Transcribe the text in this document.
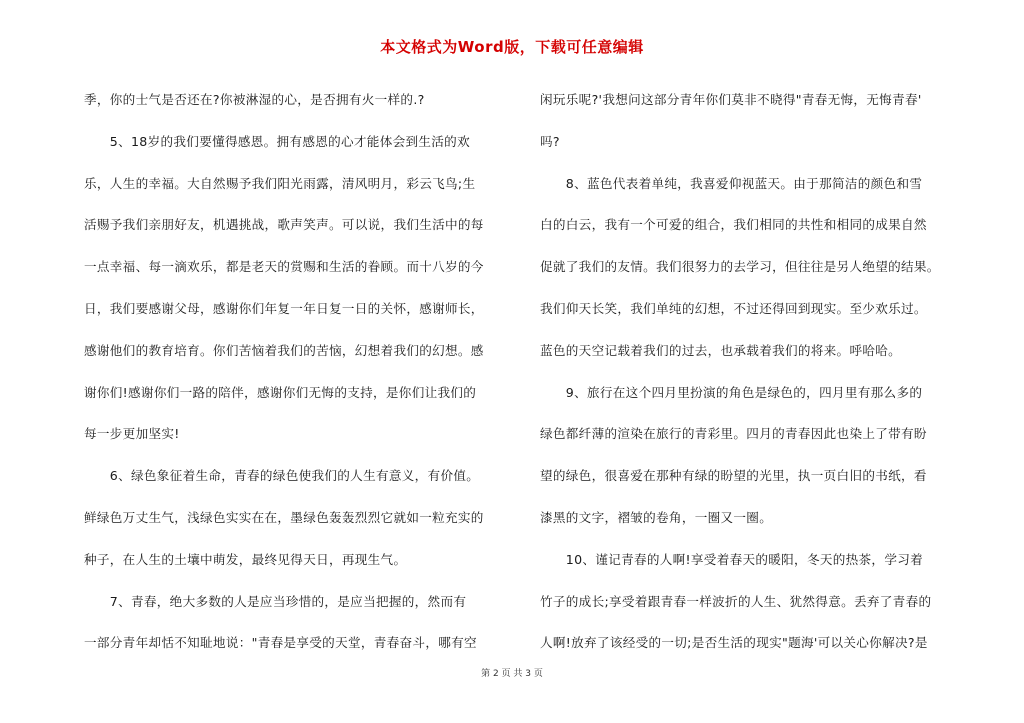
本文格式为Word版，下载可任意编辑
季，你的士气是否还在?你被淋湿的心，是否拥有火一样的.?
　　5、18岁的我们要懂得感恩。拥有感恩的心才能体会到生活的欢
乐，人生的幸福。大自然赐予我们阳光雨露，清风明月，彩云飞鸟;生
活赐予我们亲朋好友，机遇挑战，歌声笑声。可以说，我们生活中的每
一点幸福、每一滴欢乐，都是老天的赏赐和生活的眷顾。而十八岁的今
日，我们要感谢父母，感谢你们年复一年日复一日的关怀，感谢师长，
感谢他们的教育培育。你们苦恼着我们的苦恼，幻想着我们的幻想。感
谢你们!感谢你们一路的陪伴，感谢你们无悔的支持，是你们让我们的
每一步更加坚实!
　　6、绿色象征着生命，青春的绿色使我们的人生有意义，有价值。
鲜绿色万丈生气，浅绿色实实在在，墨绿色轰轰烈烈它就如一粒充实的
种子，在人生的土壤中萌发，最终见得天日，再现生气。
　　7、青春，绝大多数的人是应当珍惜的，是应当把握的，然而有
一部分青年却恬不知耻地说："青春是享受的天堂，青春奋斗，哪有空
闲玩乐呢?'我想问这部分青年你们莫非不晓得"青春无悔，无悔青春'
吗?
　　8、蓝色代表着单纯，我喜爱仰视蓝天。由于那简洁的颜色和雪
白的白云，我有一个可爱的组合，我们相同的共性和相同的成果自然
促就了我们的友情。我们很努力的去学习，但往往是另人绝望的结果。
我们仰天长笑，我们单纯的幻想，不过还得回到现实。至少欢乐过。
蓝色的天空记载着我们的过去，也承载着我们的将来。呼哈哈。
　　9、旅行在这个四月里扮演的角色是绿色的，四月里有那么多的
绿色都纤薄的渲染在旅行的青彩里。四月的青春因此也染上了带有盼
望的绿色，很喜爱在那种有绿的盼望的光里，执一页白旧的书纸，看
漆黑的文字，褶皱的卷角，一圈又一圈。
　　10、谨记青春的人啊!享受着春天的暖阳，冬天的热茶，学习着
竹子的成长;享受着跟青春一样波折的人生、犹然得意。丢弃了青春的
人啊!放弃了该经受的一切;是否生活的现实"题海'可以关心你解决?是
第 2 页 共 3 页
